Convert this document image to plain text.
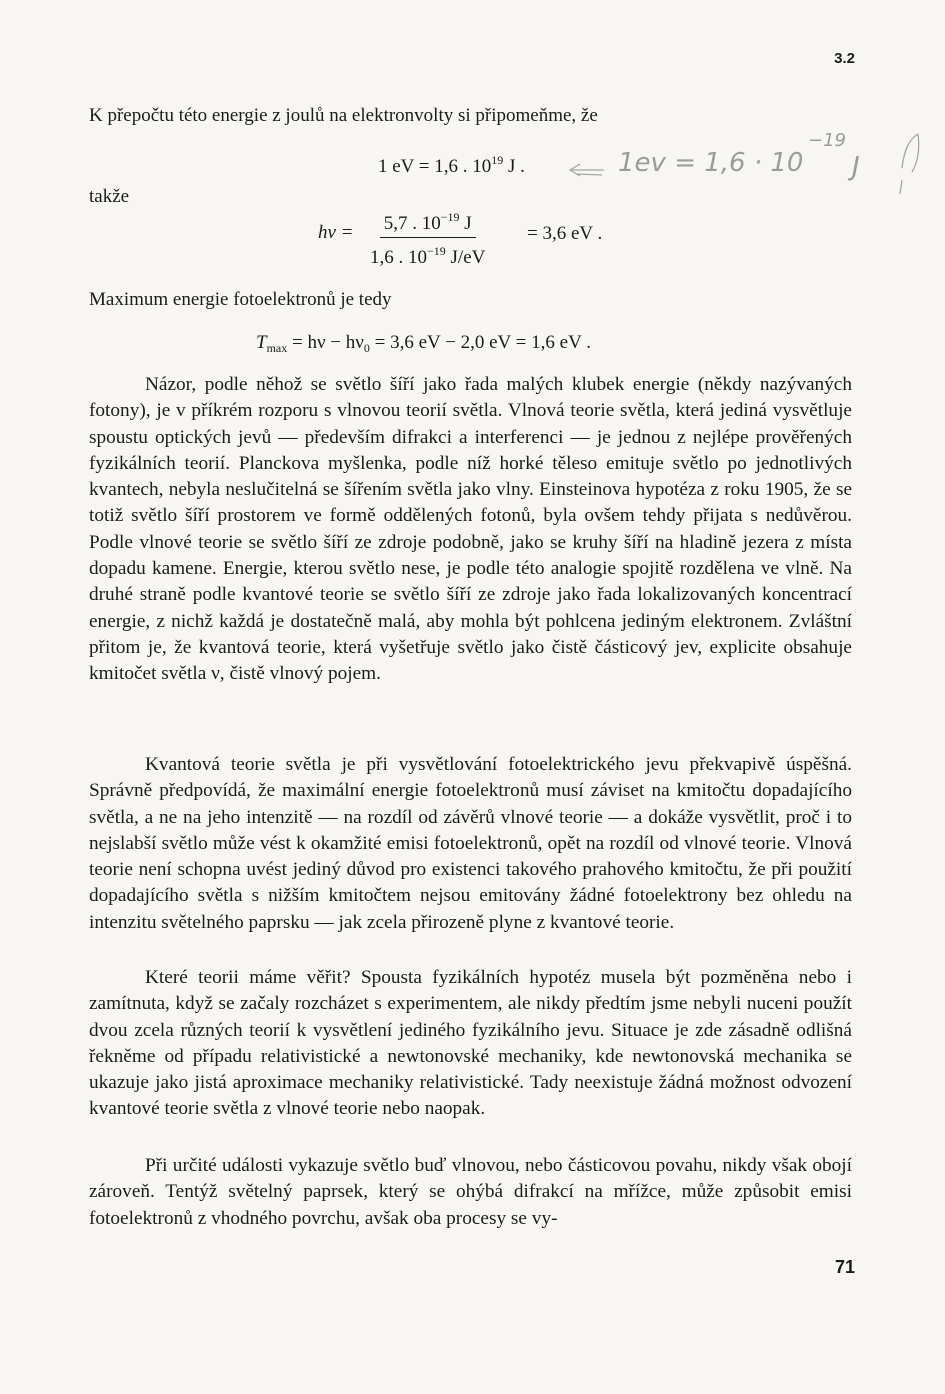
3.2
K přepočtu této energie z joulů na elektronvolty si připomeňme, že
1 eV = 1,6 . $10^{19}$ J .
takže
$h\nu = \frac{5,7 . 10^{-19} J}{1,6 . 10^{-19} J/eV} = 3,6$ eV .
Maximum energie fotoelektronů je tedy
$T_{max} = h\nu - h\nu_0 = 3,6$ eV − 2,0 eV = 1,6 eV .

Názor, podle něhož se světlo šíří jako řada malých klubek energie (někdy nazývaných fotony), je v příkrém rozporu s vlnovou teorií světla. Vlnová teorie světla, která jediná vysvětluje spoustu optických jevů — především difrakci a interferenci — je jednou z nejlépe prověřených fyzikálních teorií. Planckova myšlenka, podle níž horké těleso emituje světlo po jednotlivých kvantech, nebyla neslučitelná se šířením světla jako vlny. Einsteinova hypotéza z roku 1905, že se totiž světlo šíří prostorem ve formě oddělených fotonů, byla ovšem tehdy přijata s nedůvěrou. Podle vlnové teorie se světlo šíří ze zdroje podobně, jako se kruhy šíří na hladině jezera z místa dopadu kamene. Energie, kterou světlo nese, je podle této analogie spojitě rozdělena ve vlně. Na druhé straně podle kvantové teorie se světlo šíří ze zdroje jako řada lokalizovaných koncentrací energie, z nichž každá je dostatečně malá, aby mohla být pohlcena jediným elektronem. Zvláštní přitom je, že kvantová teorie, která vyšetřuje světlo jako čistě částicový jev, explicite obsahuje kmitočet světla ν, čistě vlnový pojem.

Kvantová teorie světla je při vysvětlování fotoelektrického jevu překvapivě úspěšná. Správně předpovídá, že maximální energie fotoelektronů musí záviset na kmitočtu dopadajícího světla, a ne na jeho intenzitě — na rozdíl od závěrů vlnové teorie — a dokáže vysvětlit, proč i to nejslabší světlo může vést k okamžité emisi fotoelektronů, opět na rozdíl od vlnové teorie. Vlnová teorie není schopna uvést jediný důvod pro existenci takového prahového kmitočtu, že při použití dopadajícího světla s nižším kmitočtem nejsou emitovány žádné fotoelektrony bez ohledu na intenzitu světelného paprsku — jak zcela přirozeně plyne z kvantové teorie.

Které teorii máme věřit? Spousta fyzikálních hypotéz musela být pozměněna nebo i zamítnuta, když se začaly rozcházet s experimentem, ale nikdy předtím jsme nebyli nuceni použít dvou zcela různých teorií k vysvětlení jediného fyzikálního jevu. Situace je zde zásadně odlišná řekněme od případu relativistické a newtonovské mechaniky, kde newtonovská mechanika se ukazuje jako jistá aproximace mechaniky relativistické. Tady neexistuje žádná možnost odvození kvantové teorie světla z vlnové teorie nebo naopak.

Při určité události vykazuje světlo buď vlnovou, nebo částicovou povahu, nikdy však obojí zároveň. Tentýž světelný paprsek, který se ohýbá difrakcí na mřížce, může způsobit emisi fotoelektronů z vhodného povrchu, avšak oba procesy se vy-

1ev = 1,6 · 10
−19
J
71
